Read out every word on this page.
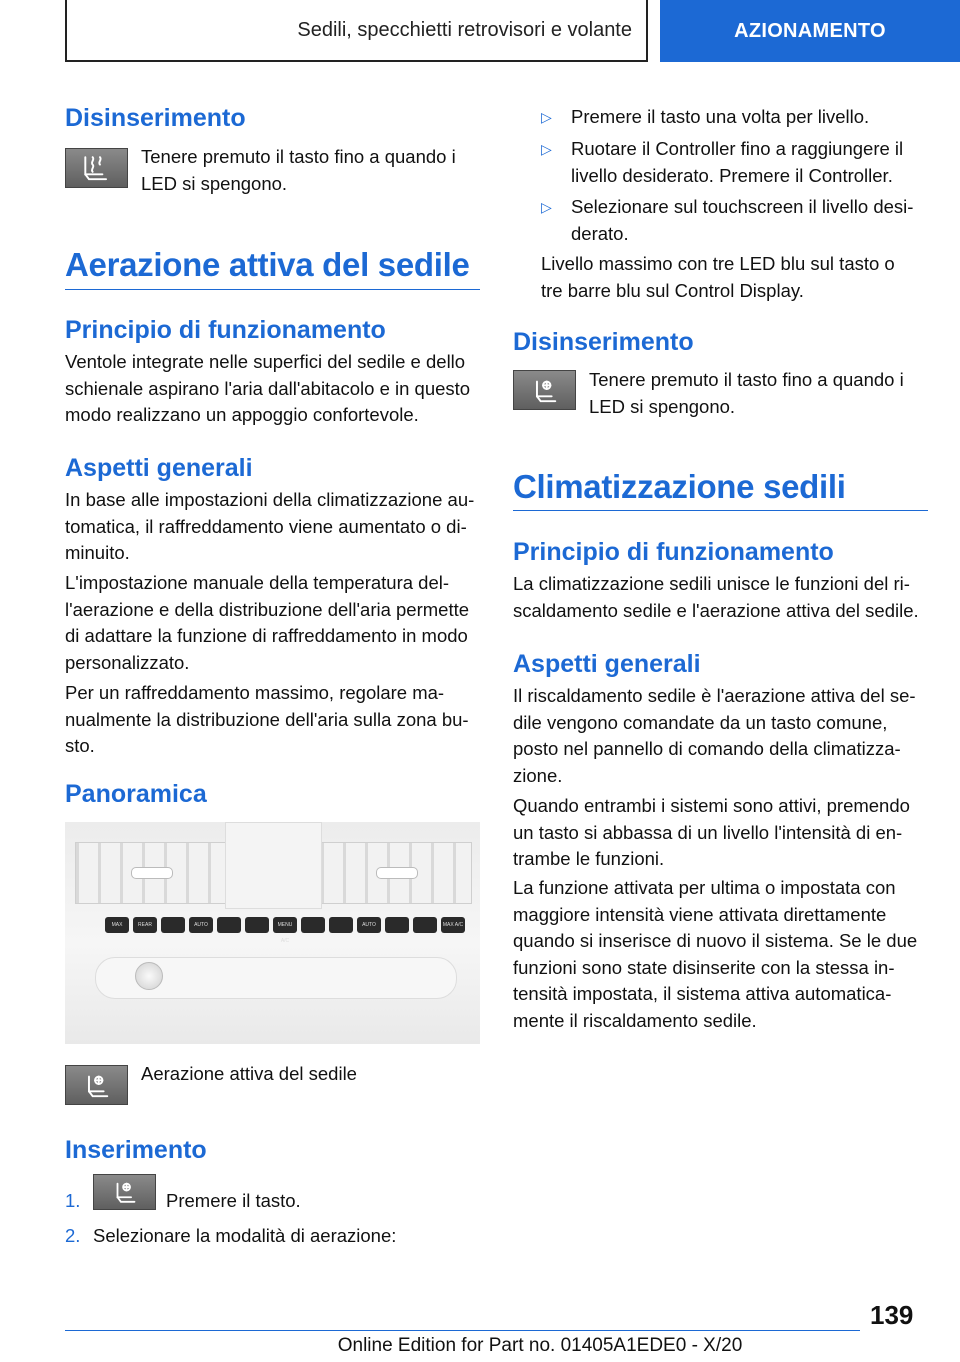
Sedili, specchietti retrovisori e volante	AZIONAMENTO
Disinserimento
Tenere premuto il tasto fino a quando i
LED si spengono.
Aerazione attiva del sedile
Principio di funzionamento
Ventole integrate nelle superfici del sedile e dello
schienale aspirano l'aria dall'abitacolo e in questo
modo realizzano un appoggio confortevole.
Aspetti generali
In base alle impostazioni della climatizzazione au-
tomatica, il raffreddamento viene aumentato o di-
minuito.
L'impostazione manuale della temperatura del-
l'aerazione e della distribuzione dell'aria permette
di adattare la funzione di raffreddamento in modo
personalizzato.
Per un raffreddamento massimo, regolare ma-
nualmente la distribuzione dell'aria sulla zona bu-
sto.
Panoramica
MAX	REAR	AUTO	MENU A/C
AUTO	MAX A/C
Aerazione attiva del sedile
Inserimento
1.	Premere il tasto.
2. Selezionare la modalità di aerazione:
▷	Premere il tasto una volta per livello.
▷	Ruotare il Controller fino a raggiungere il
livello desiderato. Premere il Controller.
▷	Selezionare sul touchscreen il livello desi-
derato.
Livello massimo con tre LED blu sul tasto o
tre barre blu sul Control Display.
Disinserimento
Tenere premuto il tasto fino a quando i
LED si spengono.
Climatizzazione sedili
Principio di funzionamento
La climatizzazione sedili unisce le funzioni del ri-
scaldamento sedile e l'aerazione attiva del sedile.
Aspetti generali
Il riscaldamento sedile è l'aerazione attiva del se-
dile vengono comandate da un tasto comune,
posto nel pannello di comando della climatizza-
zione.
Quando entrambi i sistemi sono attivi, premendo
un tasto si abbassa di un livello l'intensità di en-
trambe le funzioni.
La funzione attivata per ultima o impostata con
maggiore intensità viene attivata direttamente
quando si inserisce di nuovo il sistema. Se le due
funzioni sono state disinserite con la stessa in-
tensità impostata, il sistema attiva automatica-
mente il riscaldamento sedile.
139
Online Edition for Part no. 01405A1EDE0 - X/20
